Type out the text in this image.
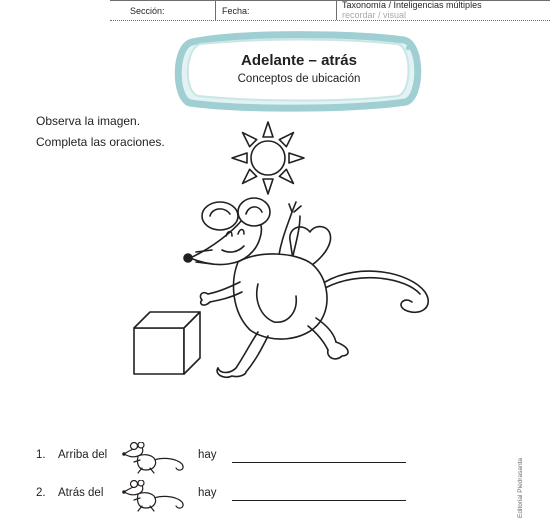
Sección:	Fecha:
Taxonomía / Inteligencias múltiples
recordar / visual
Adelante – atrás
Conceptos de ubicación
Observa la imagen.
Completa las oraciones.
1. Arriba del	hay
2. Atrás del	hay	Editorial Piedrasanta
